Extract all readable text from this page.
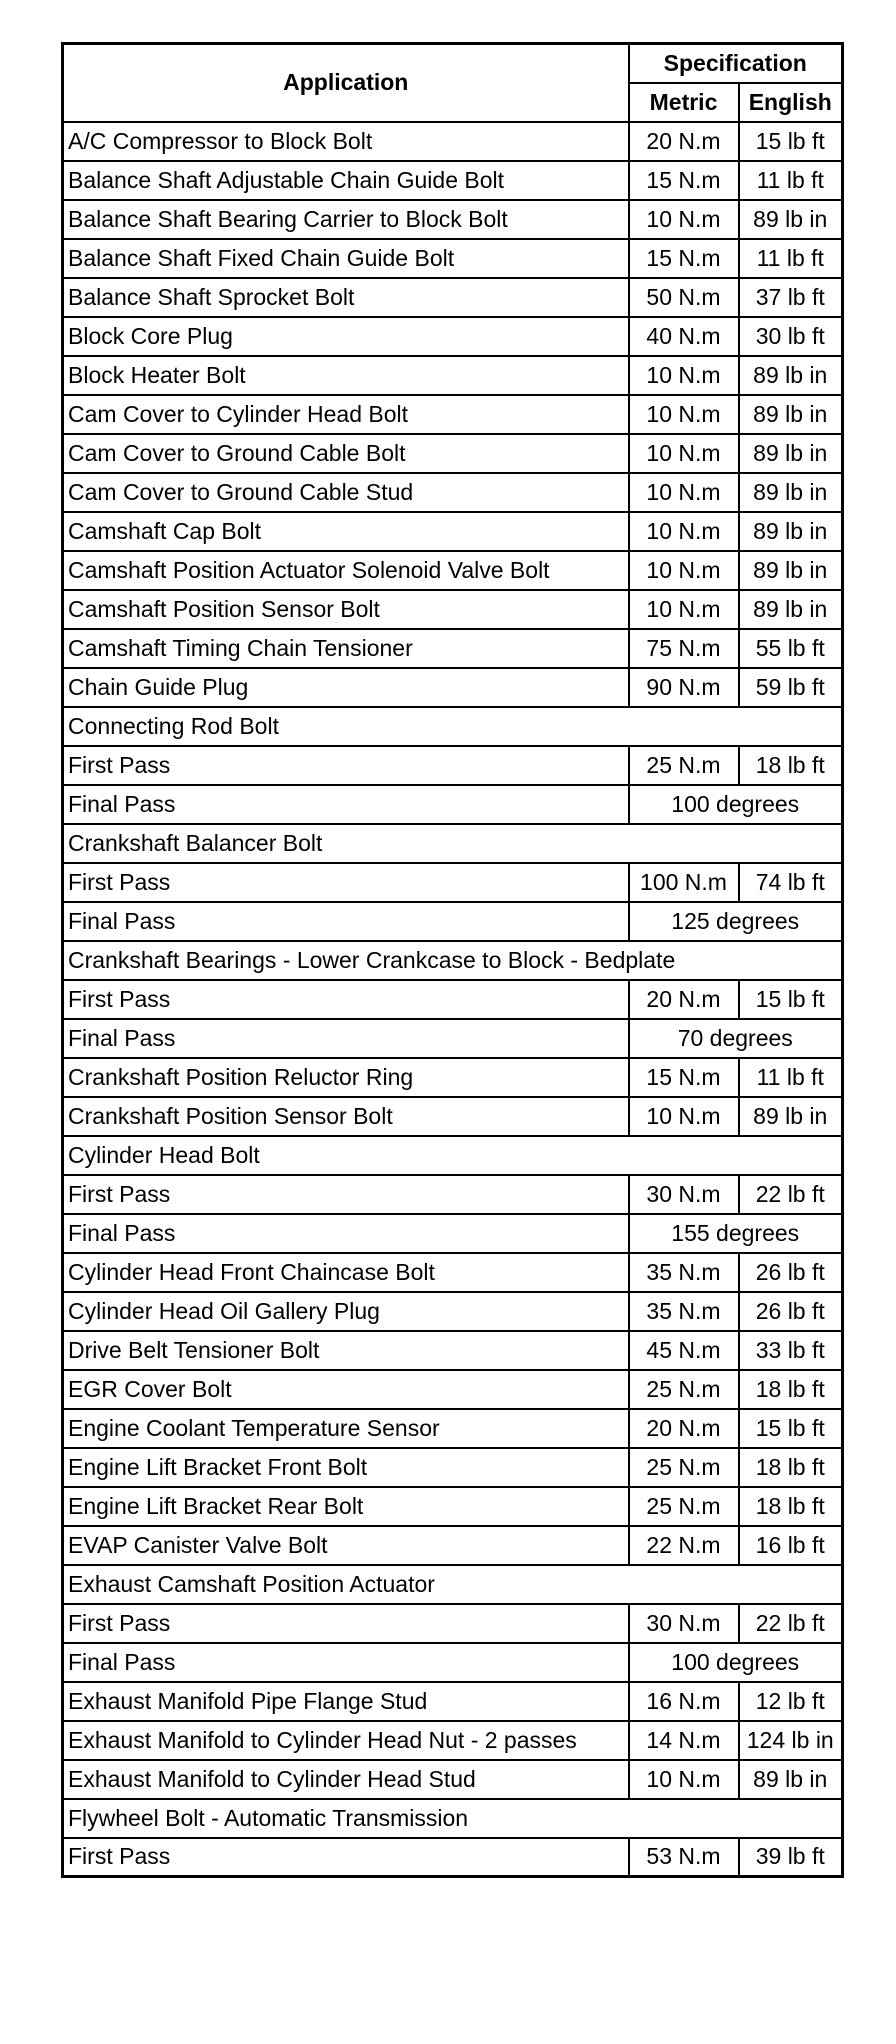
Application	Specification	
	Metric	English
A/C Compressor to Block Bolt	20 N.m	15 lb ft
Balance Shaft Adjustable Chain Guide Bolt	15 N.m	11 lb ft
Balance Shaft Bearing Carrier to Block Bolt	10 N.m	89 lb in
Balance Shaft Fixed Chain Guide Bolt	15 N.m	11 lb ft
Balance Shaft Sprocket Bolt	50 N.m	37 lb ft
Block Core Plug	40 N.m	30 lb ft
Block Heater Bolt	10 N.m	89 lb in
Cam Cover to Cylinder Head Bolt	10 N.m	89 lb in
Cam Cover to Ground Cable Bolt	10 N.m	89 lb in
Cam Cover to Ground Cable Stud	10 N.m	89 lb in
Camshaft Cap Bolt	10 N.m	89 lb in
Camshaft Position Actuator Solenoid Valve Bolt	10 N.m	89 lb in
Camshaft Position Sensor Bolt	10 N.m	89 lb in
Camshaft Timing Chain Tensioner	75 N.m	55 lb ft
Chain Guide Plug	90 N.m	59 lb ft
Connecting Rod Bolt		
First Pass	25 N.m	18 lb ft
Final Pass	100 degrees	
Crankshaft Balancer Bolt		
First Pass	100 N.m	74 lb ft
Final Pass	125 degrees	
Crankshaft Bearings - Lower Crankcase to Block - Bedplate		
First Pass	20 N.m	15 lb ft
Final Pass	70 degrees	
Crankshaft Position Reluctor Ring	15 N.m	11 lb ft
Crankshaft Position Sensor Bolt	10 N.m	89 lb in
Cylinder Head Bolt		
First Pass	30 N.m	22 lb ft
Final Pass	155 degrees	
Cylinder Head Front Chaincase Bolt	35 N.m	26 lb ft
Cylinder Head Oil Gallery Plug	35 N.m	26 lb ft
Drive Belt Tensioner Bolt	45 N.m	33 lb ft
EGR Cover Bolt	25 N.m	18 lb ft
Engine Coolant Temperature Sensor	20 N.m	15 lb ft
Engine Lift Bracket Front Bolt	25 N.m	18 lb ft
Engine Lift Bracket Rear Bolt	25 N.m	18 lb ft
EVAP Canister Valve Bolt	22 N.m	16 lb ft
Exhaust Camshaft Position Actuator		
First Pass	30 N.m	22 lb ft
Final Pass	100 degrees	
Exhaust Manifold Pipe Flange Stud	16 N.m	12 lb ft
Exhaust Manifold to Cylinder Head Nut - 2 passes	14 N.m	124 lb in
Exhaust Manifold to Cylinder Head Stud	10 N.m	89 lb in
Flywheel Bolt - Automatic Transmission		
First Pass	53 N.m	39 lb ft
